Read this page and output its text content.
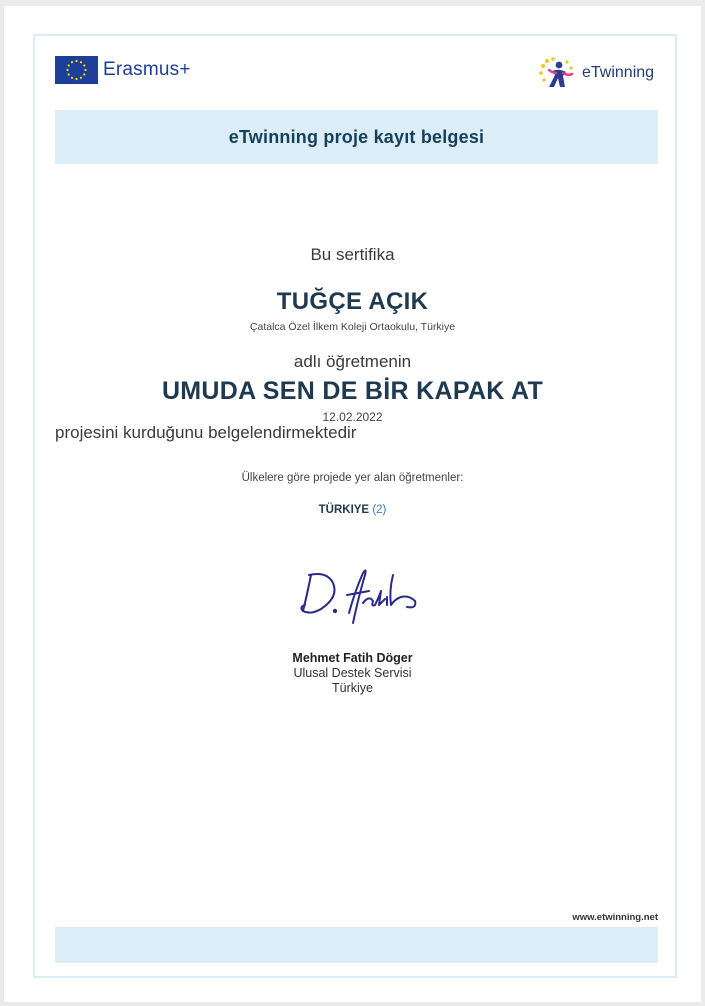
Erasmus+	eTwinning
eTwinning proje kayıt belgesi
Bu sertifika
TUĞÇE AÇIK
Çatalca Özel İlkem Koleji Ortaokulu, Türkiye
adlı öğretmenin
UMUDA SEN DE BİR KAPAK AT
12.02.2022
projesini kurduğunu belgelendirmektedir
Ülkelere göre projede yer alan öğretmenler:
TÜRKIYE (2)
Mehmet Fatih Döger
Ulusal Destek Servisi
Türkiye
www.etwinning.net
